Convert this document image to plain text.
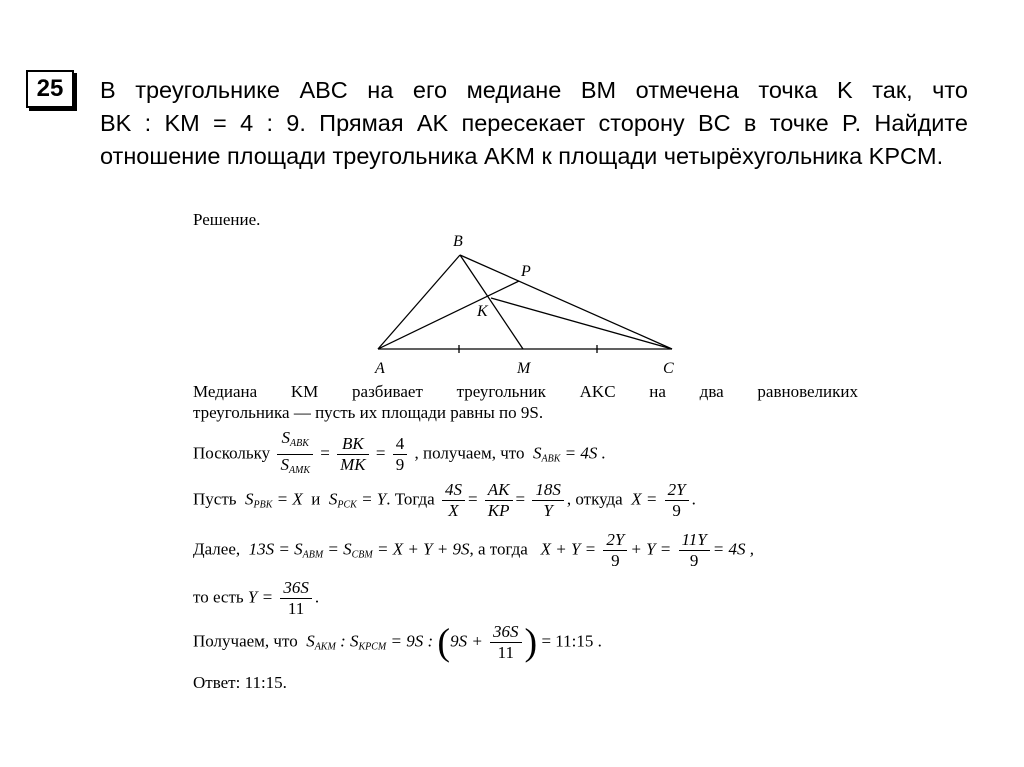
25	В треугольнике ABC на его медиане BM отмечена точка K так, что
BK : KM = 4 : 9. Прямая AK пересекает сторону BC в точке P. Найдите
отношение площади треугольника AKM к площади четырёхугольника KPCM.
Решение.
B
P
K
A	M	C
Медиана KM разбивает треугольник AKC на два равновеликих
треугольника — пусть их площади равны по 9S.
Поскольку $\frac{S_{ABK}}{S_{AMK}} = \frac{BK}{MK} = \frac{4}{9}$ , получаем, что $S_{ABK} = 4S$ .
Пусть $S_{PBK} = X$ и $S_{PCK} = Y$. Тогда $\frac{4S}{X} = \frac{AK}{KP} = \frac{18S}{Y}$ , откуда $X = \frac{2Y}{9}$ .
Далее, $13S = S_{ABM} = S_{CBM} = X + Y + 9S$, а тогда $X + Y = \frac{2Y}{9} + Y = \frac{11Y}{9} = 4S$ ,
то есть $Y = \frac{36S}{11}$ .
Получаем, что $S_{AKM}$ : $S_{KPCM} = 9S$ : ($9S + \frac{36S}{11}$ ) = 11:15 .
Ответ: 11:15.
